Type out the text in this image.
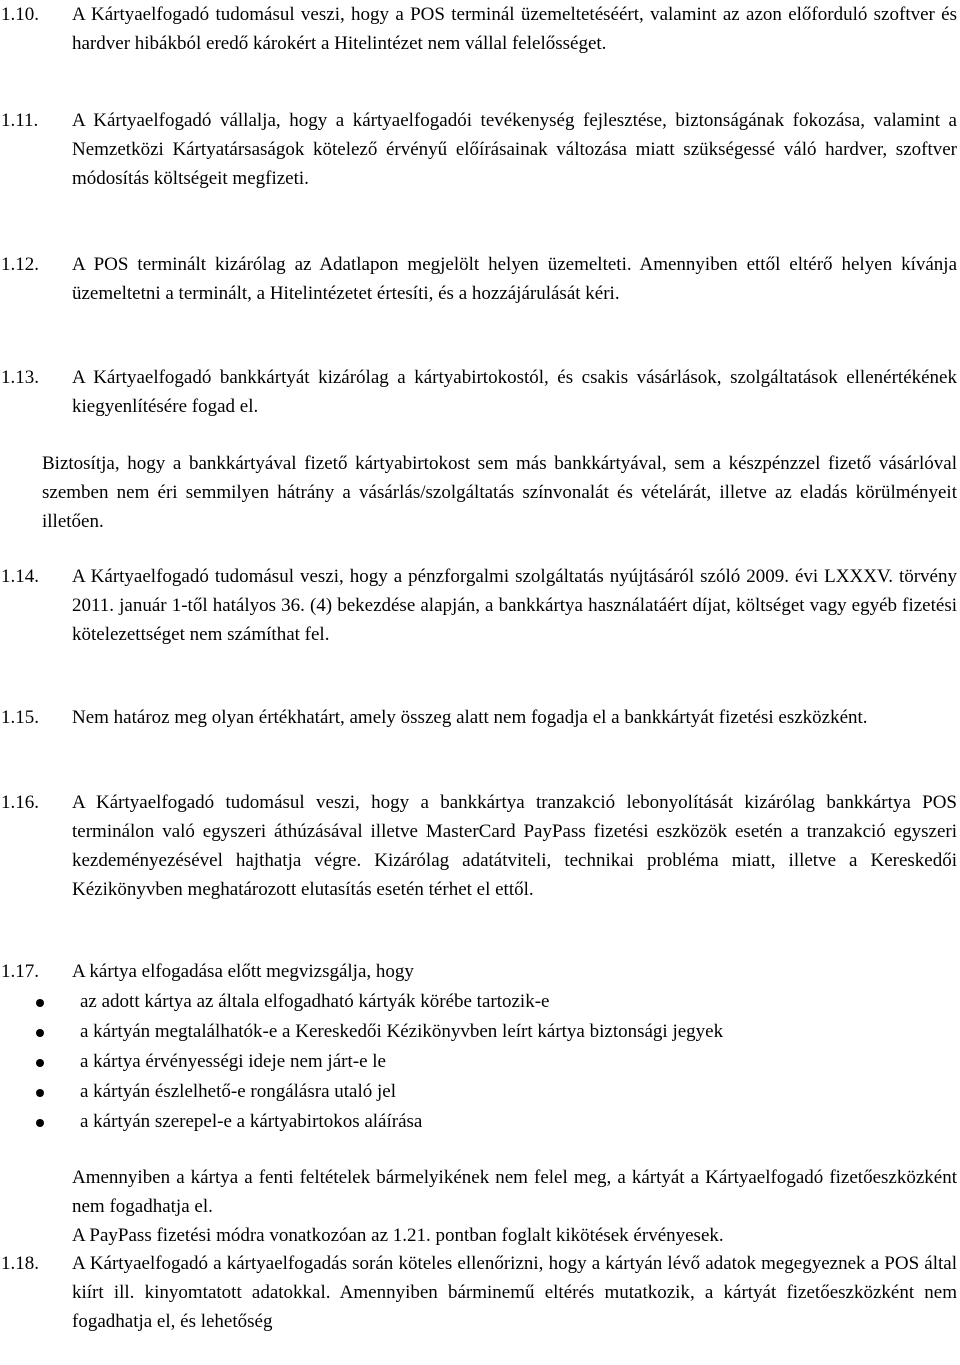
1.10. A Kártyaelfogadó tudomásul veszi, hogy a POS terminál üzemeltetéséért, valamint az azon előforduló szoftver és hardver hibákból eredő károkért a Hitelintézet nem vállal felelősséget.

1.11. A Kártyaelfogadó vállalja, hogy a kártyaelfogadói tevékenység fejlesztése, biztonságának fokozása, valamint a Nemzetközi Kártyatársaságok kötelező érvényű előírásainak változása miatt szükségessé váló hardver, szoftver módosítás költségeit megfizeti.

1.12. A POS terminált kizárólag az Adatlapon megjelölt helyen üzemelteti. Amennyiben ettől eltérő helyen kívánja üzemeltetni a terminált, a Hitelintézetet értesíti, és a hozzájárulását kéri.

1.13. A Kártyaelfogadó bankkártyát kizárólag a kártyabirtokostól, és csakis vásárlások, szolgáltatások ellenértékének kiegyenlítésére fogad el.

Biztosítja, hogy a bankkártyával fizető kártyabirtokost sem más bankkártyával, sem a készpénzzel fizető vásárlóval szemben nem éri semmilyen hátrány a vásárlás/szolgáltatás színvonalát és vételárát, illetve az eladás körülményeit illetően.

1.14. A Kártyaelfogadó tudomásul veszi, hogy a pénzforgalmi szolgáltatás nyújtásáról szóló 2009. évi LXXXV. törvény 2011. január 1-től hatályos 36. (4) bekezdése alapján, a bankkártya használatáért díjat, költséget vagy egyéb fizetési kötelezettséget nem számíthat fel.

1.15. Nem határoz meg olyan értékhatárt, amely összeg alatt nem fogadja el a bankkártyát fizetési eszközként.

1.16. A Kártyaelfogadó tudomásul veszi, hogy a bankkártya tranzakció lebonyolítását kizárólag bankkártya POS terminálon való egyszeri áthúzásával illetve MasterCard PayPass fizetési eszközök esetén a tranzakció egyszeri kezdeményezésével hajthatja végre. Kizárólag adatátviteli, technikai probléma miatt, illetve a Kereskedői Kézikönyvben meghatározott elutasítás esetén térhet el ettől.

1.17. A kártya elfogadása előtt megvizsgálja, hogy

az adott kártya az általa elfogadható kártyák körébe tartozik-e
a kártyán megtalálhatók-e a Kereskedői Kézikönyvben leírt kártya biztonsági jegyek
a kártya érvényességi ideje nem járt-e le
a kártyán észlelhető-e rongálásra utaló jel
a kártyán szerepel-e a kártyabirtokos aláírása

Amennyiben a kártya a fenti feltételek bármelyikének nem felel meg, a kártyát a Kártyaelfogadó fizetőeszközként nem fogadhatja el.
A PayPass fizetési módra vonatkozóan az 1.21. pontban foglalt kikötések érvényesek.

1.18. A Kártyaelfogadó a kártyaelfogadás során köteles ellenőrizni, hogy a kártyán lévő adatok megegyeznek a POS által kiírt ill. kinyomtatott adatokkal. Amennyiben bárminemű eltérés mutatkozik, a kártyát fizetőeszközként nem fogadhatja el, és lehetőség
